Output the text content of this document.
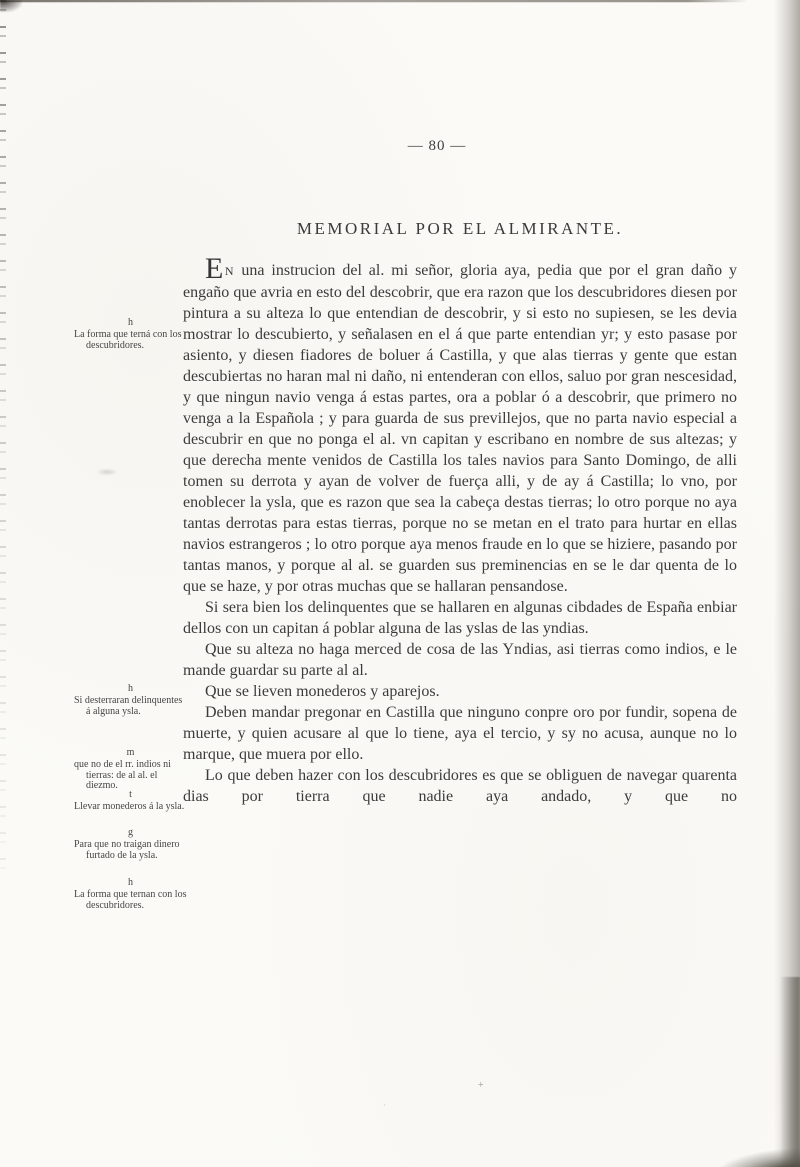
+
·
— 80 —
MEMORIAL POR EL ALMIRANTE.
h
La forma que terná con los descubridores.
h
Si desterraran delinquentes á alguna ysla.
m
que no de el rr. indios ni tierras: de al al. el diezmo.
t
Llevar monederos á la ysla.
g
Para que no traigan dinero furtado de la ysla.
h
La forma que ternan con los descubridores.

EN una instrucion del al. mi señor, gloria aya, pedia que por el gran daño y engaño que avria en esto del descobrir, que era razon que los descubridores diesen por pintura a su alteza lo que entendian de descobrir, y si esto no supiesen, se les devia mostrar lo descubierto, y señalasen en el á que parte entendian yr; y esto pasase por asiento, y diesen fiadores de boluer á Castilla, y que alas tierras y gente que estan descubiertas no haran mal ni daño, ni entenderan con ellos, saluo por gran nescesidad, y que ningun navio venga á estas partes, ora a poblar ó a descobrir, que primero no venga a la Española ; y para guarda de sus previllejos, que no parta navio especial a descubrir en que no ponga el al. vn capitan y escribano en nombre de sus altezas; y que derecha mente venidos de Castilla los tales navios para Santo Domingo, de alli tomen su derrota y ayan de volver de fuerça alli, y de ay á Castilla; lo vno, por enoblecer la ysla, que es razon que sea la cabeça destas tierras; lo otro porque no aya tantas derrotas para estas tierras, porque no se metan en el trato para hurtar en ellas navios estrangeros ; lo otro porque aya menos fraude en lo que se hiziere, pasando por tantas manos, y porque al al. se guarden sus preminencias en se le dar quenta de lo que se haze, y por otras muchas que se hallaran pensandose.

Si sera bien los delinquentes que se hallaren en algunas cibdades de España enbiar dellos con un capitan á poblar alguna de las yslas de las yndias.

Que su alteza no haga merced de cosa de las Yndias, asi tierras como indios, e le mande guardar su parte al al.

Que se lieven monederos y aparejos.

Deben mandar pregonar en Castilla que ninguno conpre oro por fundir, sopena de muerte, y quien acusare al que lo tiene, aya el tercio, y sy no acusa, aunque no lo marque, que muera por ello.

Lo que deben hazer con los descubridores es que se obliguen de navegar quarenta dias por tierra que nadie aya andado, y que no
